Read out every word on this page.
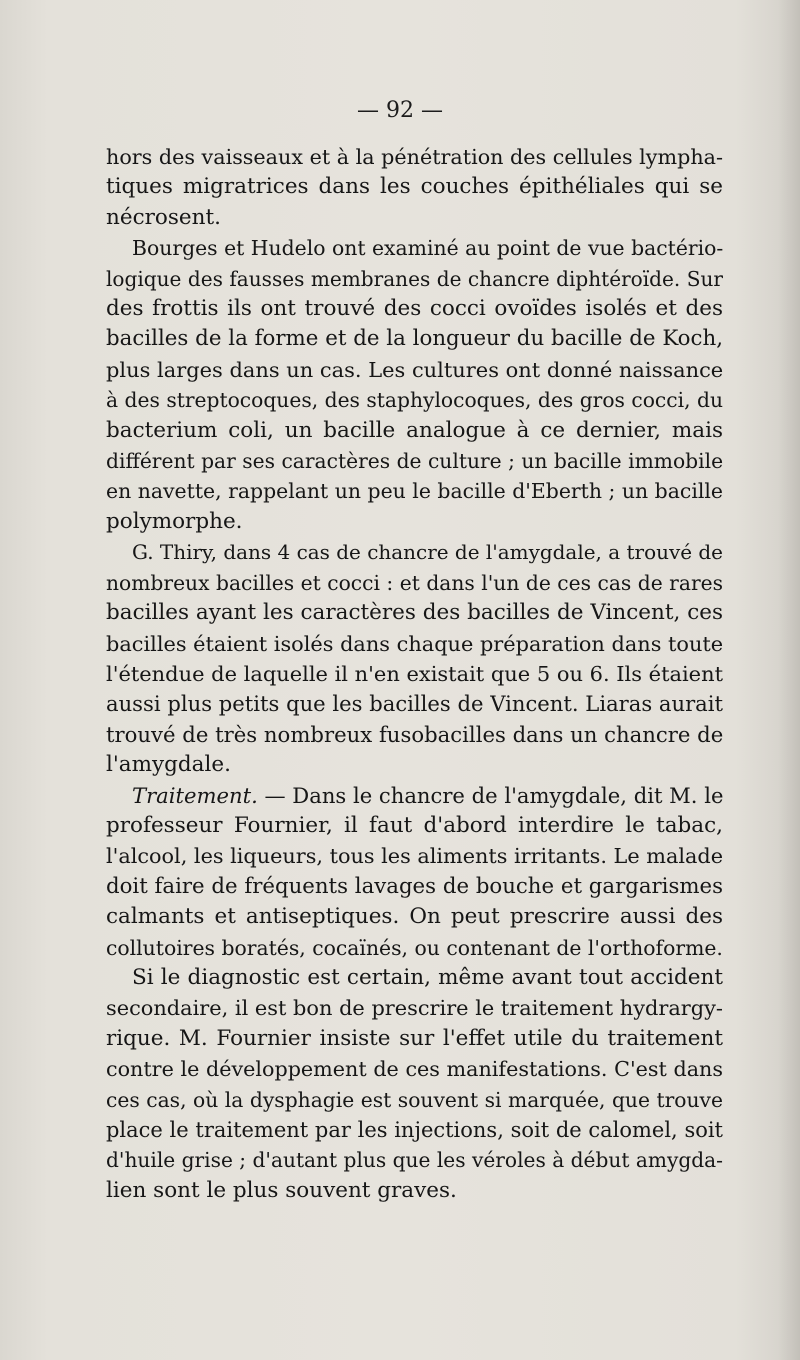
— 92 —

hors des vaisseaux et à la pénétration des cellules lympha-
tiques migratrices dans les couches épithéliales qui se
nécrosent.

Bourges et Hudelo ont examiné au point de vue bactério-
logique des fausses membranes de chancre diphtéroïde. Sur
des frottis ils ont trouvé des cocci ovoïdes isolés et des
bacilles de la forme et de la longueur du bacille de Koch,
plus larges dans un cas. Les cultures ont donné naissance
à des streptocoques, des staphylocoques, des gros cocci, du
bacterium coli, un bacille analogue à ce dernier, mais
différent par ses caractères de culture ; un bacille immobile
en navette, rappelant un peu le bacille d'Eberth ; un bacille
polymorphe.

G. Thiry, dans 4 cas de chancre de l'amygdale, a trouvé de
nombreux bacilles et cocci : et dans l'un de ces cas de rares
bacilles ayant les caractères des bacilles de Vincent, ces
bacilles étaient isolés dans chaque préparation dans toute
l'étendue de laquelle il n'en existait que 5 ou 6. Ils étaient
aussi plus petits que les bacilles de Vincent. Liaras aurait
trouvé de très nombreux fusobacilles dans un chancre de
l'amygdale.

Traitement. — Dans le chancre de l'amygdale, dit M. le
professeur Fournier, il faut d'abord interdire le tabac,
l'alcool, les liqueurs, tous les aliments irritants. Le malade
doit faire de fréquents lavages de bouche et gargarismes
calmants et antiseptiques. On peut prescrire aussi des
collutoires boratés, cocaïnés, ou contenant de l'orthoforme.

Si le diagnostic est certain, même avant tout accident
secondaire, il est bon de prescrire le traitement hydrargy-
rique. M. Fournier insiste sur l'effet utile du traitement
contre le développement de ces manifestations. C'est dans
ces cas, où la dysphagie est souvent si marquée, que trouve
place le traitement par les injections, soit de calomel, soit
d'huile grise ; d'autant plus que les véroles à début amygda-
lien sont le plus souvent graves.
